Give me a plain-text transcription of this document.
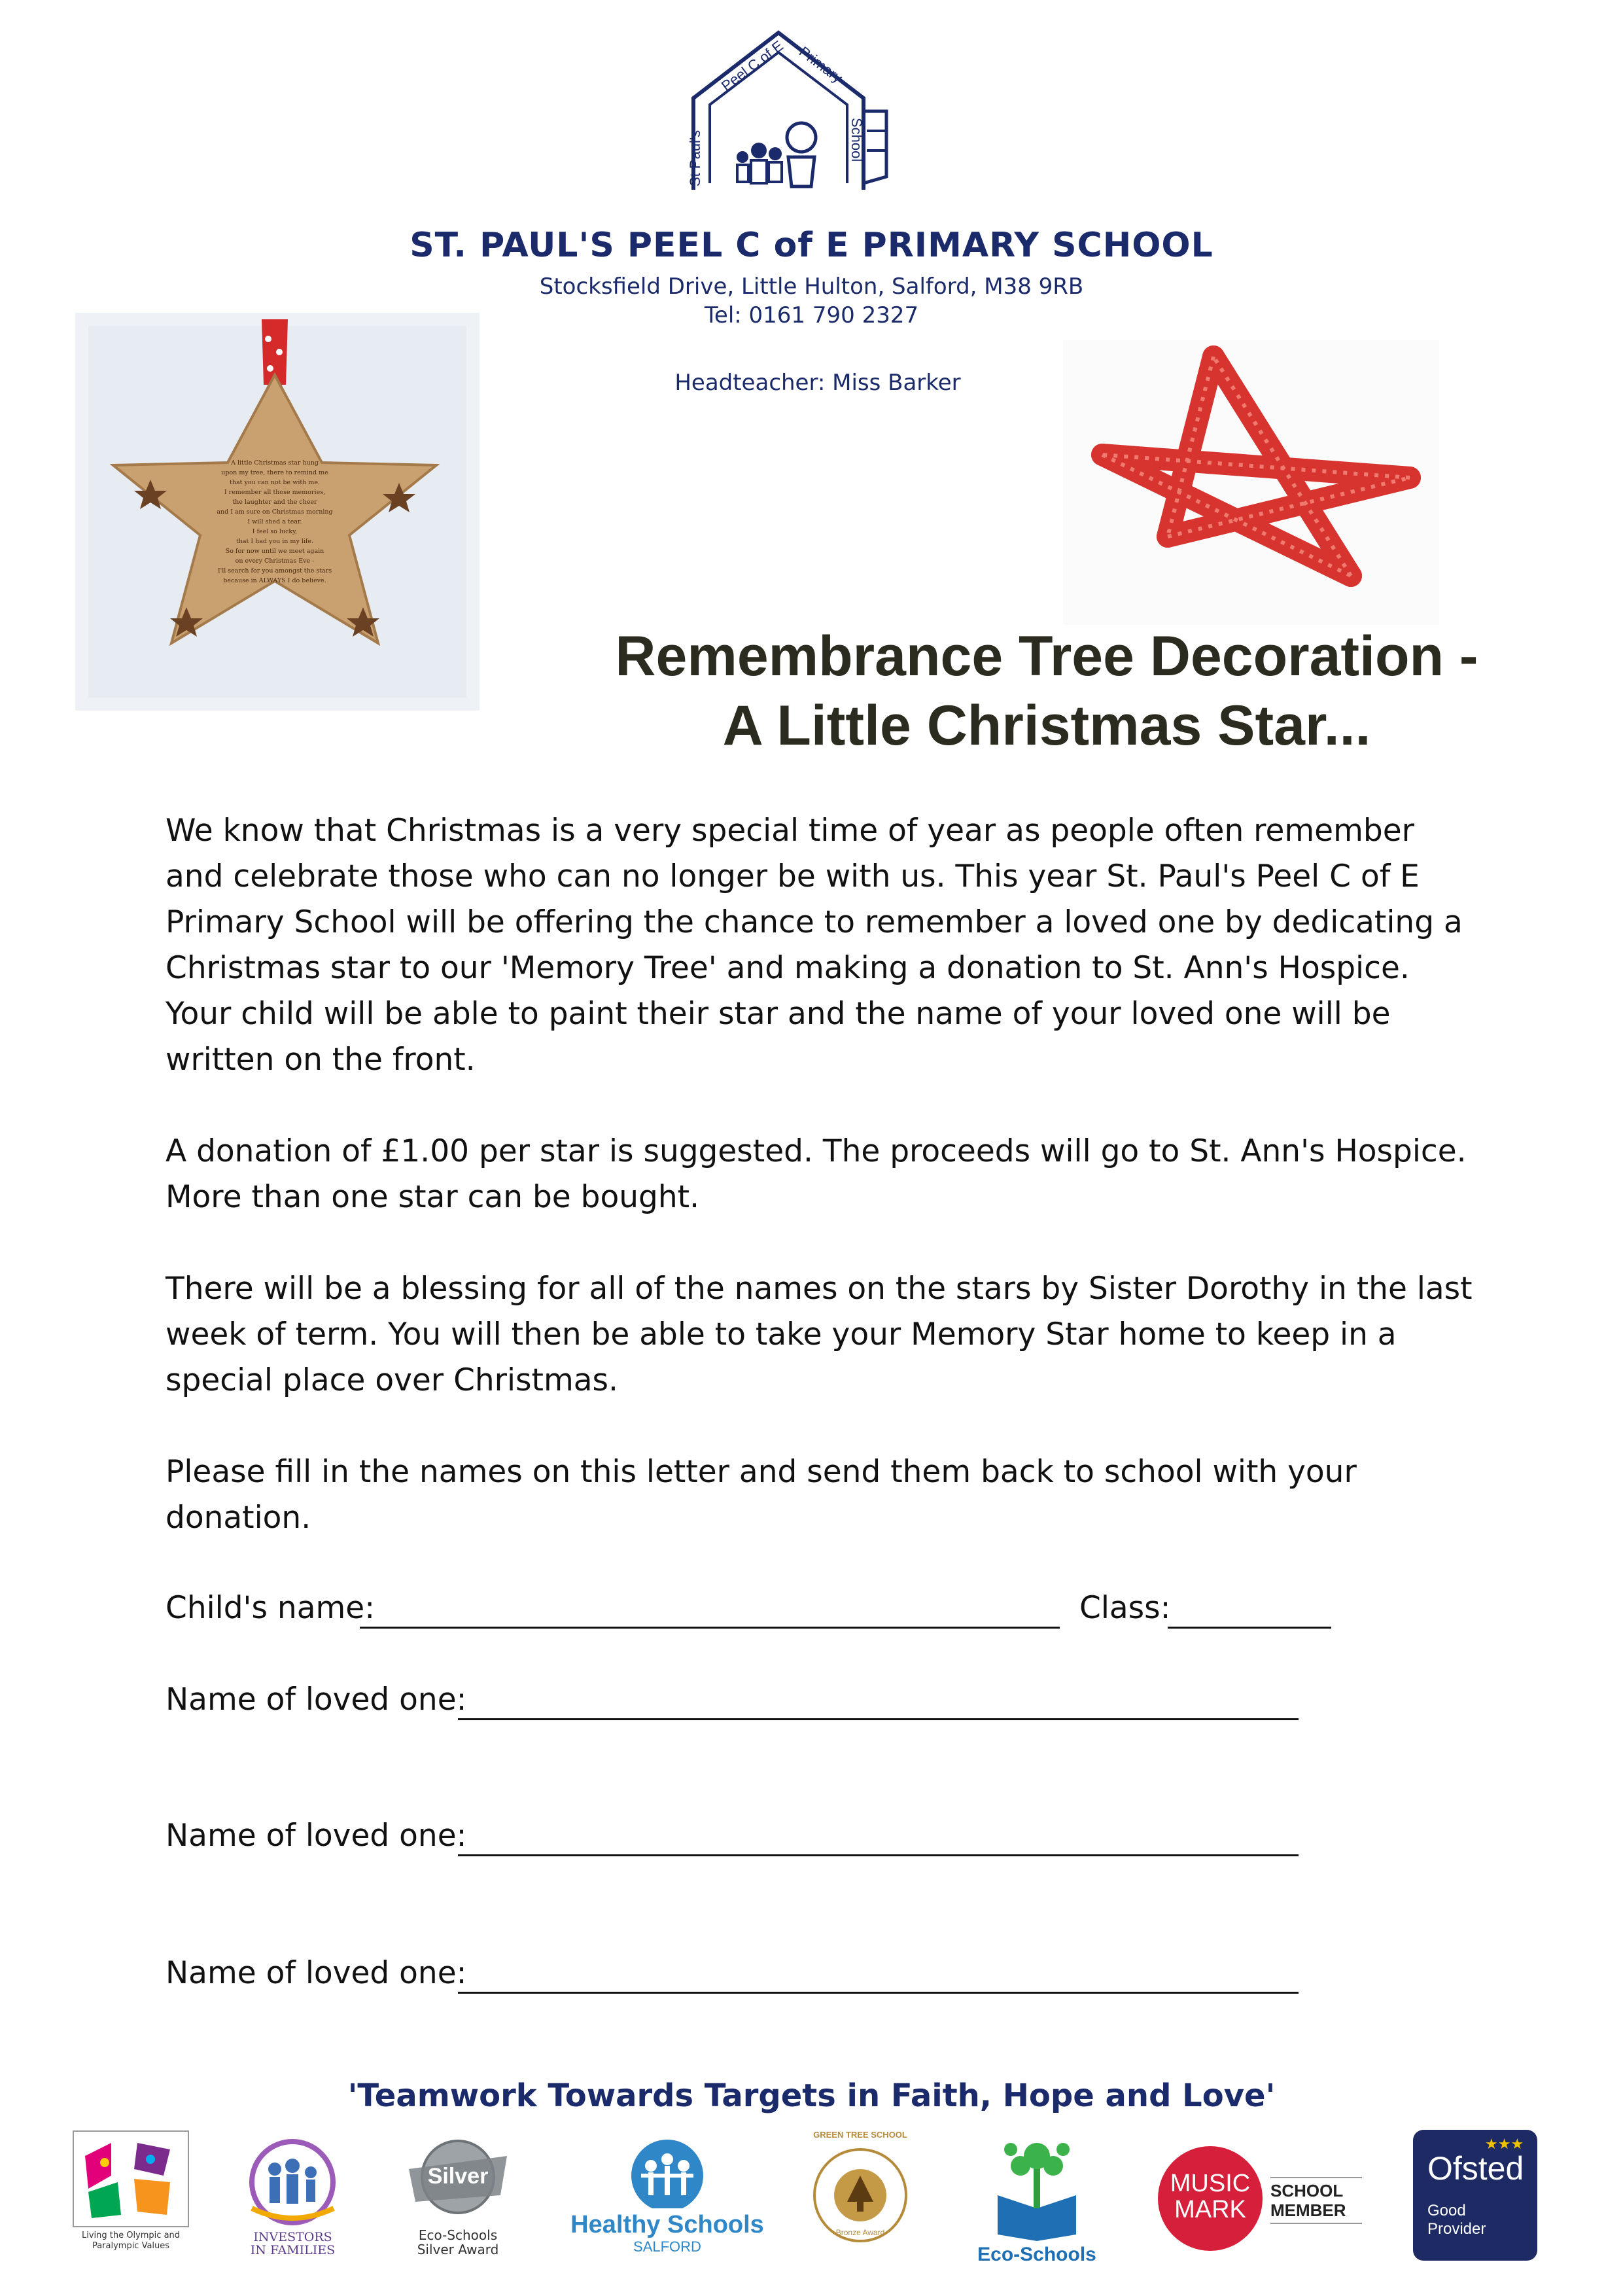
St Paul's
Peel C of E Primary
School
ST. PAUL'S PEEL C of E PRIMARY SCHOOL
Stocksfield Drive, Little Hulton, Salford, M38 9RB
Tel: 0161 790 2327
Headteacher: Miss Barker
A little Christmas star hung
upon my tree, there to remind me
that you can not be with me.
I remember all those memories,
the laughter and the cheer
and I am sure on Christmas morning
I will shed a tear.
I feel so lucky,
that I had you in my life.
So for now until we meet again
on every Christmas Eve -
I'll search for you amongst the stars
because in ALWAYS I do believe.
Remembrance Tree Decoration -
A Little Christmas Star...
We know that Christmas is a very special time of year as people often remember and celebrate those who can no longer be with us. This year St. Paul's Peel C of E Primary School will be offering the chance to remember a loved one by dedicating a Christmas star to our 'Memory Tree' and making a donation to St. Ann's Hospice. Your child will be able to paint their star and the name of your loved one will be written on the front.
A donation of £1.00 per star is suggested. The proceeds will go to St. Ann's Hospice. More than one star can be bought.
There will be a blessing for all of the names on the stars by Sister Dorothy in the last week of term. You will then be able to take your Memory Star home to keep in a special place over Christmas.
Please fill in the names on this letter and send them back to school with your donation.
Child's name:	Class:
Name of loved one:
Name of loved one:
Name of loved one:
'Teamwork Towards Targets in Faith, Hope and Love'
Living the Olympic and Paralympic Values
INVESTORS
IN FAMILIES
Silver
Eco-Schools
Silver Award
Healthy Schools
SALFORD
GREEN TREE SCHOOL
Bronze Award
Eco-Schools
MUSIC
MARK
SCHOOL
MEMBER
★★★
Ofsted
Good
Provider
